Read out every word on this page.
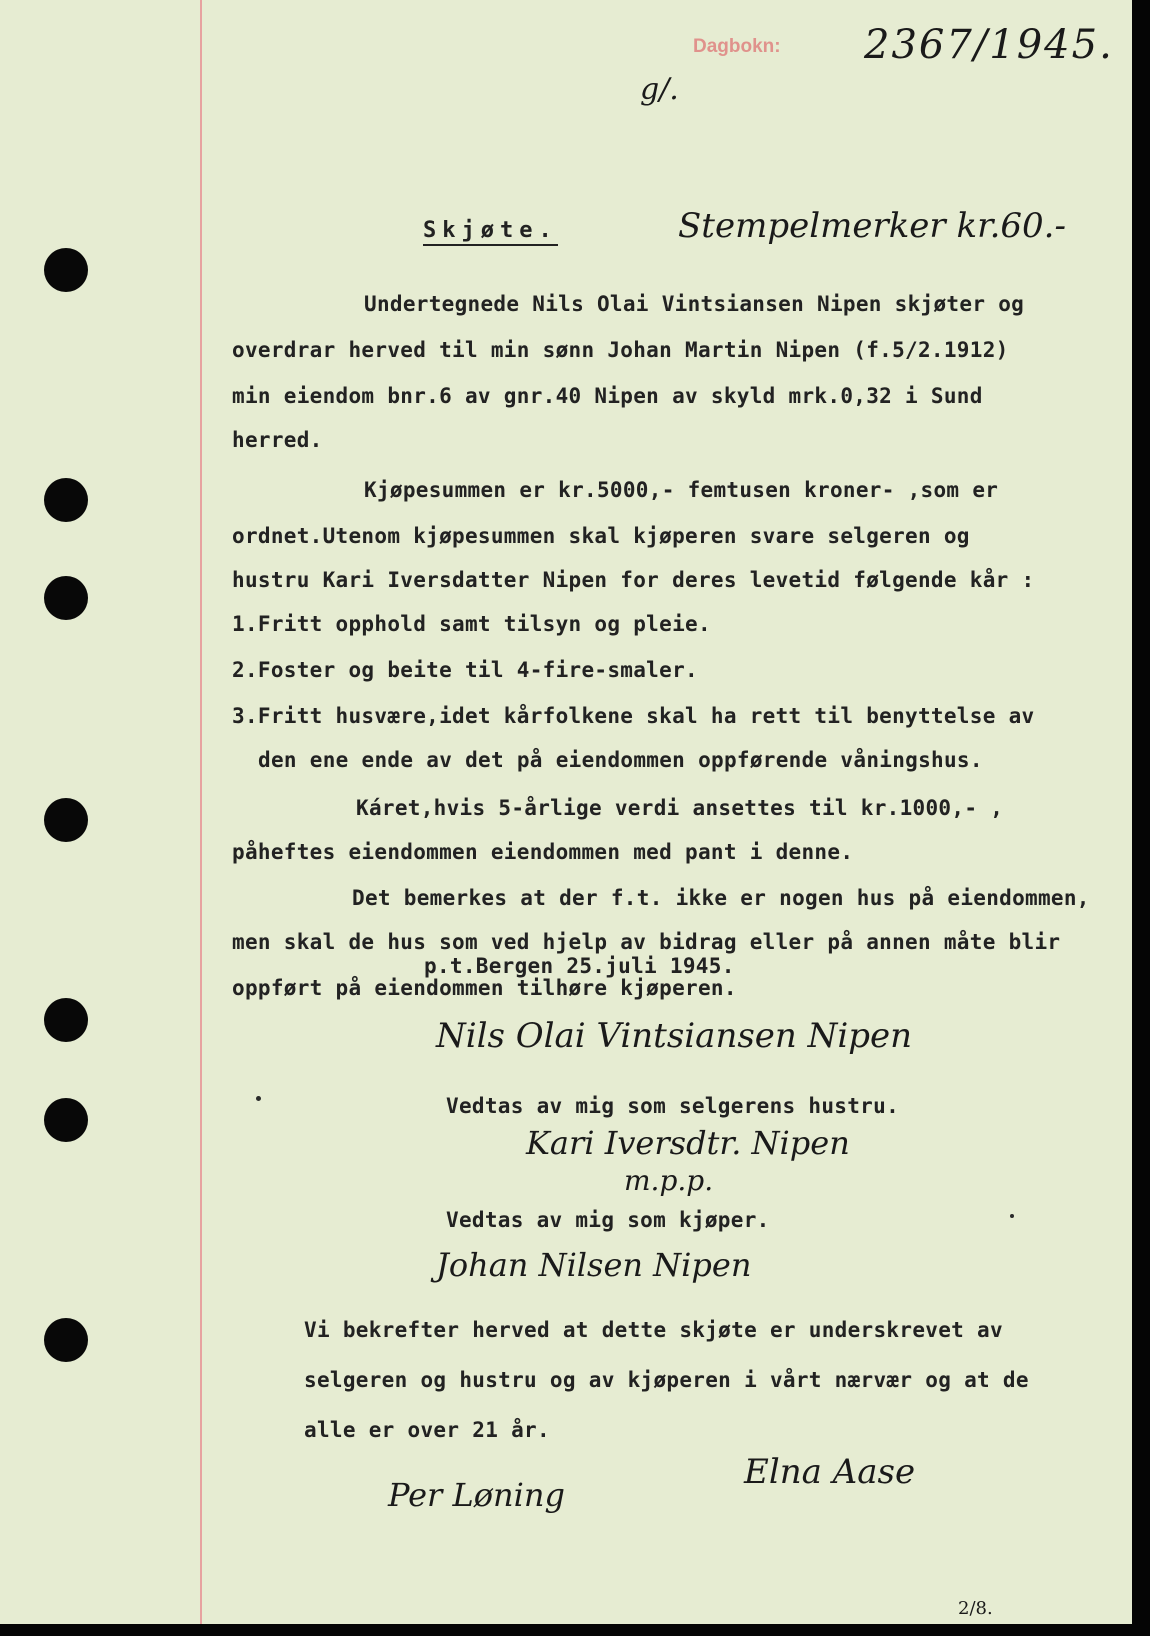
Dagbokn: 2367/1945.
g/.
Skjøte.	Stempelmerker kr.60.-
Undertegnede Nils Olai Vintsiansen Nipen skjøter og
overdrar herved til min sønn Johan Martin Nipen (f.5/2.1912)
min eiendom bnr.6 av gnr.40 Nipen av skyld mrk.0,32 i Sund
herred.
Kjøpesummen er kr.5000,- femtusen kroner- ,som er
ordnet.Utenom kjøpesummen skal kjøperen svare selgeren og
hustru Kari Iversdatter Nipen for deres levetid følgende kår :
1.Fritt opphold samt tilsyn og pleie.
2.Foster og beite til 4-fire-smaler.
3.Fritt husvære,idet kårfolkene skal ha rett til benyttelse av
den ene ende av det på eiendommen oppførende våningshus.
Káret,hvis 5-årlige verdi ansettes til kr.1000,- ,
påheftes eiendommen eiendommen med pant i denne.
Det bemerkes at der f.t. ikke er nogen hus på eiendommen,
men skal de hus som ved hjelp av bidrag eller på annen måte blir
p.t.Bergen 25.juli 1945.
oppført på eiendommen tilhøre kjøperen.
Nils Olai Vintsiansen Nipen
Vedtas av mig som selgerens hustru.
Kari Iversdtr. Nipen
m.p.p.
Vedtas av mig som kjøper.
Johan Nilsen Nipen
Vi bekrefter herved at dette skjøte er underskrevet av
selgeren og hustru og av kjøperen i vårt nærvær og at de
alle er over 21 år.
Per Løning
Elna Aase
2/8.
